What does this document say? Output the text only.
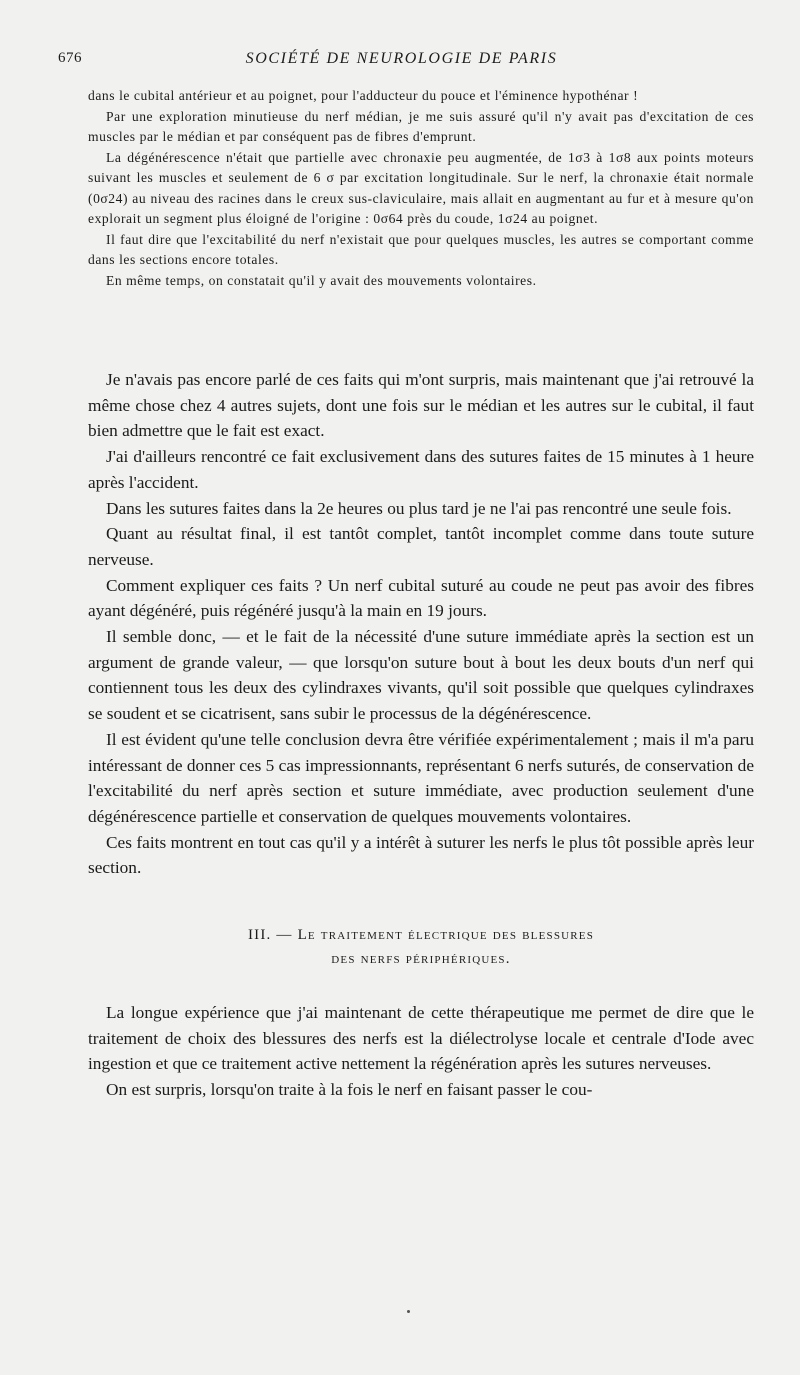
676	SOCIÉTÉ DE NEUROLOGIE DE PARIS

dans le cubital antérieur et au poignet, pour l'adducteur du pouce et l'éminence hypothénar !

Par une exploration minutieuse du nerf médian, je me suis assuré qu'il n'y avait pas d'excitation de ces muscles par le médian et par conséquent pas de fibres d'emprunt.

La dégénérescence n'était que partielle avec chronaxie peu augmentée, de 1σ3 à 1σ8 aux points moteurs suivant les muscles et seulement de 6 σ par excitation longitudinale. Sur le nerf, la chronaxie était normale (0σ24) au niveau des racines dans le creux sus-claviculaire, mais allait en augmentant au fur et à mesure qu'on explorait un segment plus éloigné de l'origine : 0σ64 près du coude, 1σ24 au poignet.

Il faut dire que l'excitabilité du nerf n'existait que pour quelques muscles, les autres se comportant comme dans les sections encore totales.

En même temps, on constatait qu'il y avait des mouvements volontaires.

Je n'avais pas encore parlé de ces faits qui m'ont surpris, mais maintenant que j'ai retrouvé la même chose chez 4 autres sujets, dont une fois sur le médian et les autres sur le cubital, il faut bien admettre que le fait est exact.

J'ai d'ailleurs rencontré ce fait exclusivement dans des sutures faites de 15 minutes à 1 heure après l'accident.

Dans les sutures faites dans la 2e heures ou plus tard je ne l'ai pas rencontré une seule fois.

Quant au résultat final, il est tantôt complet, tantôt incomplet comme dans toute suture nerveuse.

Comment expliquer ces faits ? Un nerf cubital suturé au coude ne peut pas avoir des fibres ayant dégénéré, puis régénéré jusqu'à la main en 19 jours.

Il semble donc, — et le fait de la nécessité d'une suture immédiate après la section est un argument de grande valeur, — que lorsqu'on suture bout à bout les deux bouts d'un nerf qui contiennent tous les deux des cylindraxes vivants, qu'il soit possible que quelques cylindraxes se soudent et se cicatrisent, sans subir le processus de la dégénérescence.

Il est évident qu'une telle conclusion devra être vérifiée expérimentalement ; mais il m'a paru intéressant de donner ces 5 cas impressionnants, représentant 6 nerfs suturés, de conservation de l'excitabilité du nerf après section et suture immédiate, avec production seulement d'une dégénérescence partielle et conservation de quelques mouvements volontaires.

Ces faits montrent en tout cas qu'il y a intérêt à suturer les nerfs le plus tôt possible après leur section.

III. — Le traitement électrique des blessures
des nerfs périphériques.

La longue expérience que j'ai maintenant de cette thérapeutique me permet de dire que le traitement de choix des blessures des nerfs est la diélectrolyse locale et centrale d'Iode avec ingestion et que ce traitement active nettement la régénération après les sutures nerveuses.

On est surpris, lorsqu'on traite à la fois le nerf en faisant passer le cou-
